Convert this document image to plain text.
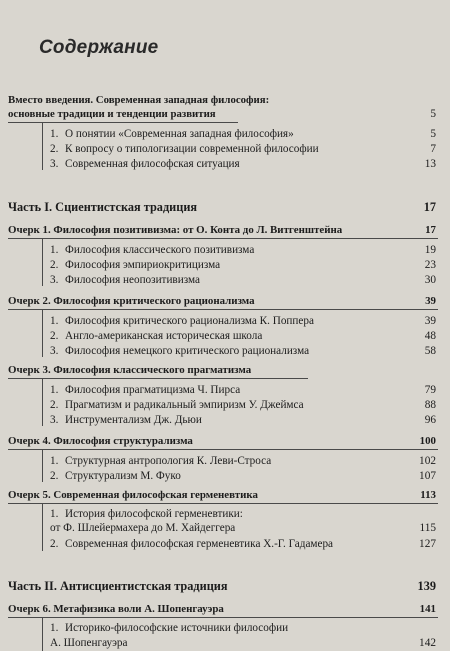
Содержание
Вместо введения. Современная западная философия:
основные традиции и тенденции развития	5
1. О понятии «Современная западная философия»	5
2. К вопросу о типологизации современной философии	7
3. Современная философская ситуация	13
Часть I. Сциентистская традиция	17
Очерк 1. Философия позитивизма: от О. Конта до Л. Витгенштейна	17
1. Философия классического позитивизма	19
2. Философия эмпириокритицизма	23
3. Философия неопозитивизма	30
Очерк 2. Философия критического рационализма	39
1. Философия критического рационализма К. Поппера	39
2. Англо-американская историческая школа	48
3. Философия немецкого критического рационализма	58
Очерк 3. Философия классического прагматизма
1. Философия прагматицизма Ч. Пирса	79
2. Прагматизм и радикальный эмпиризм У. Джеймса	88
3. Инструментализм Дж. Дьюи	96
Очерк 4. Философия структурализма	100
1. Структурная антропология К. Леви-Строса	102
2. Структурализм М. Фуко	107
Очерк 5. Современная философская герменевтика	113
1. История философской герменевтики:
от Ф. Шлейермахера до М. Хайдеггера	115
2. Современная философская герменевтика Х.-Г. Гадамера	127
Часть II. Антисциентистская традиция	139
Очерк 6. Метафизика воли А. Шопенгауэра	141
1. Историко-философские источники философии
А. Шопенгауэра	142
